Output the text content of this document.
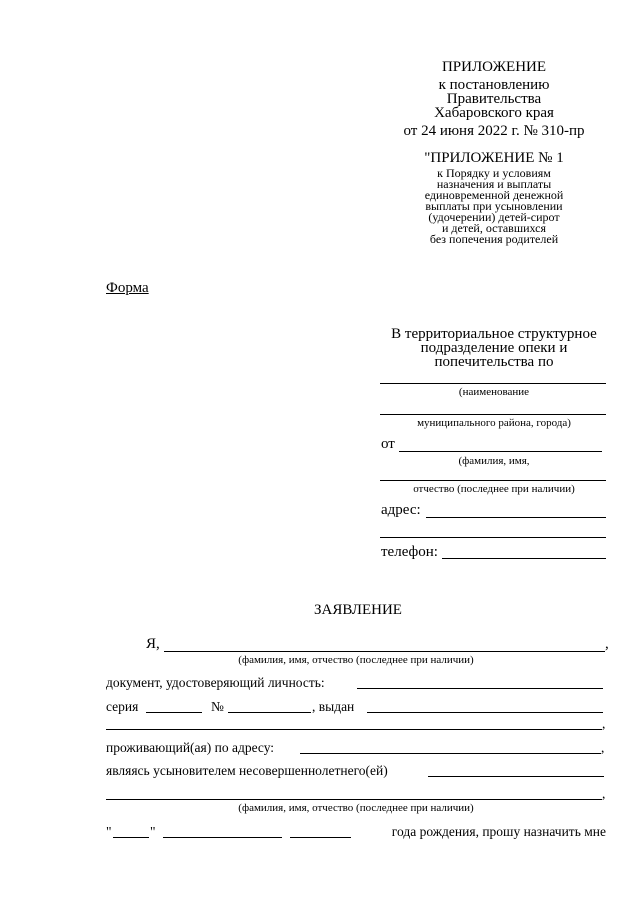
ПРИЛОЖЕНИЕ
к постановлению
Правительства
Хабаровского края
от 24 июня 2022 г. № 310-пр
"ПРИЛОЖЕНИЕ № 1
к Порядку и условиям
назначения и выплаты
единовременной денежной
выплаты при усыновлении
(удочерении) детей-сирот
и детей, оставшихся
без попечения родителей
Форма
В территориальное структурное
подразделение опеки и
попечительства по
(наименование
муниципального района, города)
от
(фамилия, имя,
отчество (последнее при наличии)
адрес:
телефон:
ЗАЯВЛЕНИЕ
Я,	,
(фамилия, имя, отчество (последнее при наличии)
документ, удостоверяющий личность:
серия	№	, выдан
,
проживающий(ая) по адресу:	,
являясь усыновителем несовершеннолетнего(ей)
,
(фамилия, имя, отчество (последнее при наличии)
"	"	года рождения, прошу назначить мне
